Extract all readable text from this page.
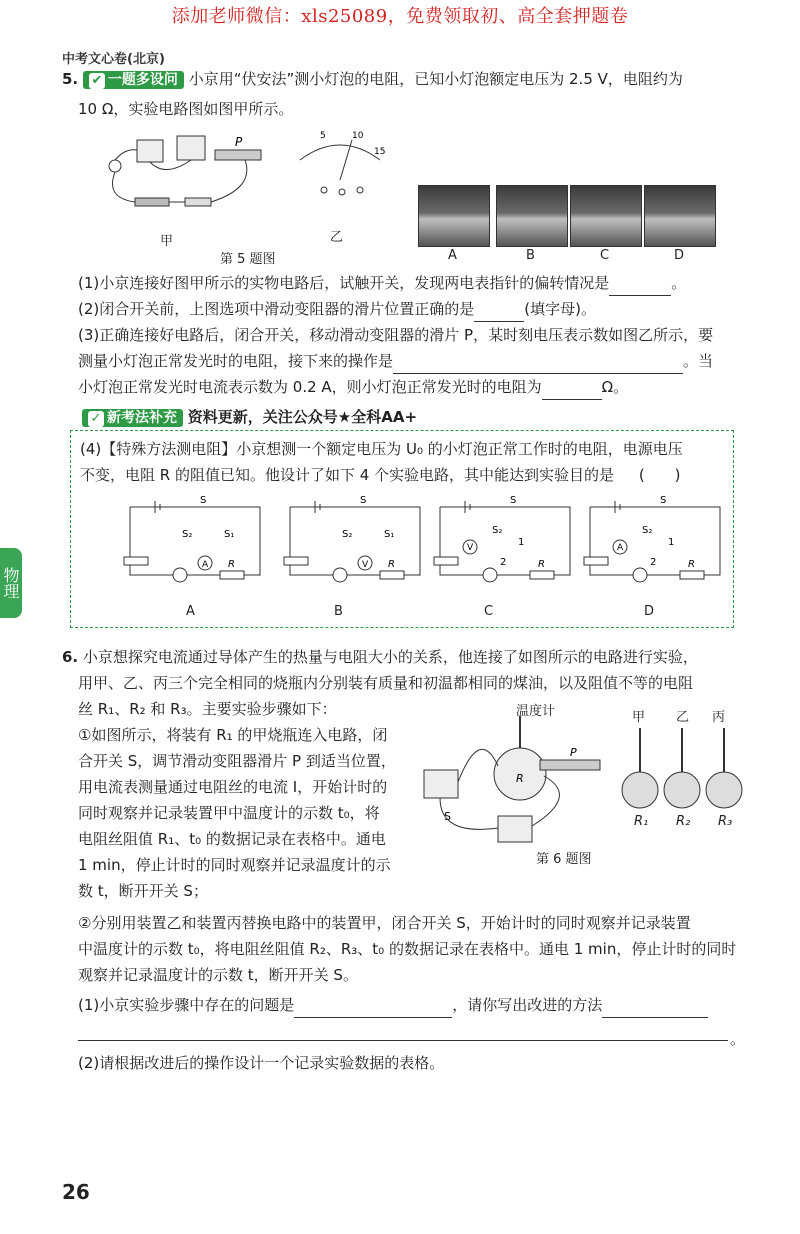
添加老师微信：xls25089，免费领取初、高全套押题卷
中考文心卷(北京)
5. ✔ 一题多设问 小京用“伏安法”测小灯泡的电阻，已知小灯泡额定电压为 2.5 V，电阻约为
10 Ω，实验电路图如图甲所示。
P
甲
5	10
15
乙
第 5 题图	A	B	C	D
(1)小京连接好图甲所示的实物电路后，试触开关，发现两电表指针的偏转情况是	。
(2)闭合开关前，上图选项中滑动变阻器的滑片位置正确的是	(填字母)。
(3)正确连接好电路后，闭合开关，移动滑动变阻器的滑片 P，某时刻电压表示数如图乙所示，要
测量小灯泡正常发光时的电阻，接下来的操作是	。当
小灯泡正常发光时电流表示数为 0.2 A，则小灯泡正常发光时的电阻为	Ω。
✓ 新考法补充 资料更新，关注公众号★全科AA+
(4)【特殊方法测电阻】小京想测一个额定电压为 U₀ 的小灯泡正常工作时的电阻，电源电压
不变，电阻 R 的阻值已知。他设计了如下 4 个实验电路，其中能达到实验目的是 (　　)
A R
S
S₂	S₁
V R
S
S₂	S₁
V
R
S
S₂
1
2
A
R
S
S₂
1
2
A	B	C	D
物理
6. 小京想探究电流通过导体产生的热量与电阻大小的关系，他连接了如图所示的电路进行实验，
用甲、乙、丙三个完全相同的烧瓶内分别装有质量和初温都相同的煤油，以及阻值不等的电阻
丝 R₁、R₂ 和 R₃。主要实验步骤如下：
①如图所示，将装有 R₁ 的甲烧瓶连入电路，闭
合开关 S，调节滑动变阻器滑片 P 到适当位置，
用电流表测量通过电阻丝的电流 I，开始计时的
同时观察并记录装置甲中温度计的示数 t₀，将
电阻丝阻值 R₁、t₀ 的数据记录在表格中。通电
1 min，停止计时的同时观察并记录温度计的示
数 t，断开开关 S；
温度计
R
P
S
第 6 题图
甲 乙 丙
R₁ R₂ R₃
②分别用装置乙和装置丙替换电路中的装置甲，闭合开关 S，开始计时的同时观察并记录装置
中温度计的示数 t₀，将电阻丝阻值 R₂、R₃、t₀ 的数据记录在表格中。通电 1 min，停止计时的同时
观察并记录温度计的示数 t，断开开关 S。
(1)小京实验步骤中存在的问题是	，请你写出改进的方法
。
(2)请根据改进后的操作设计一个记录实验数据的表格。
26
